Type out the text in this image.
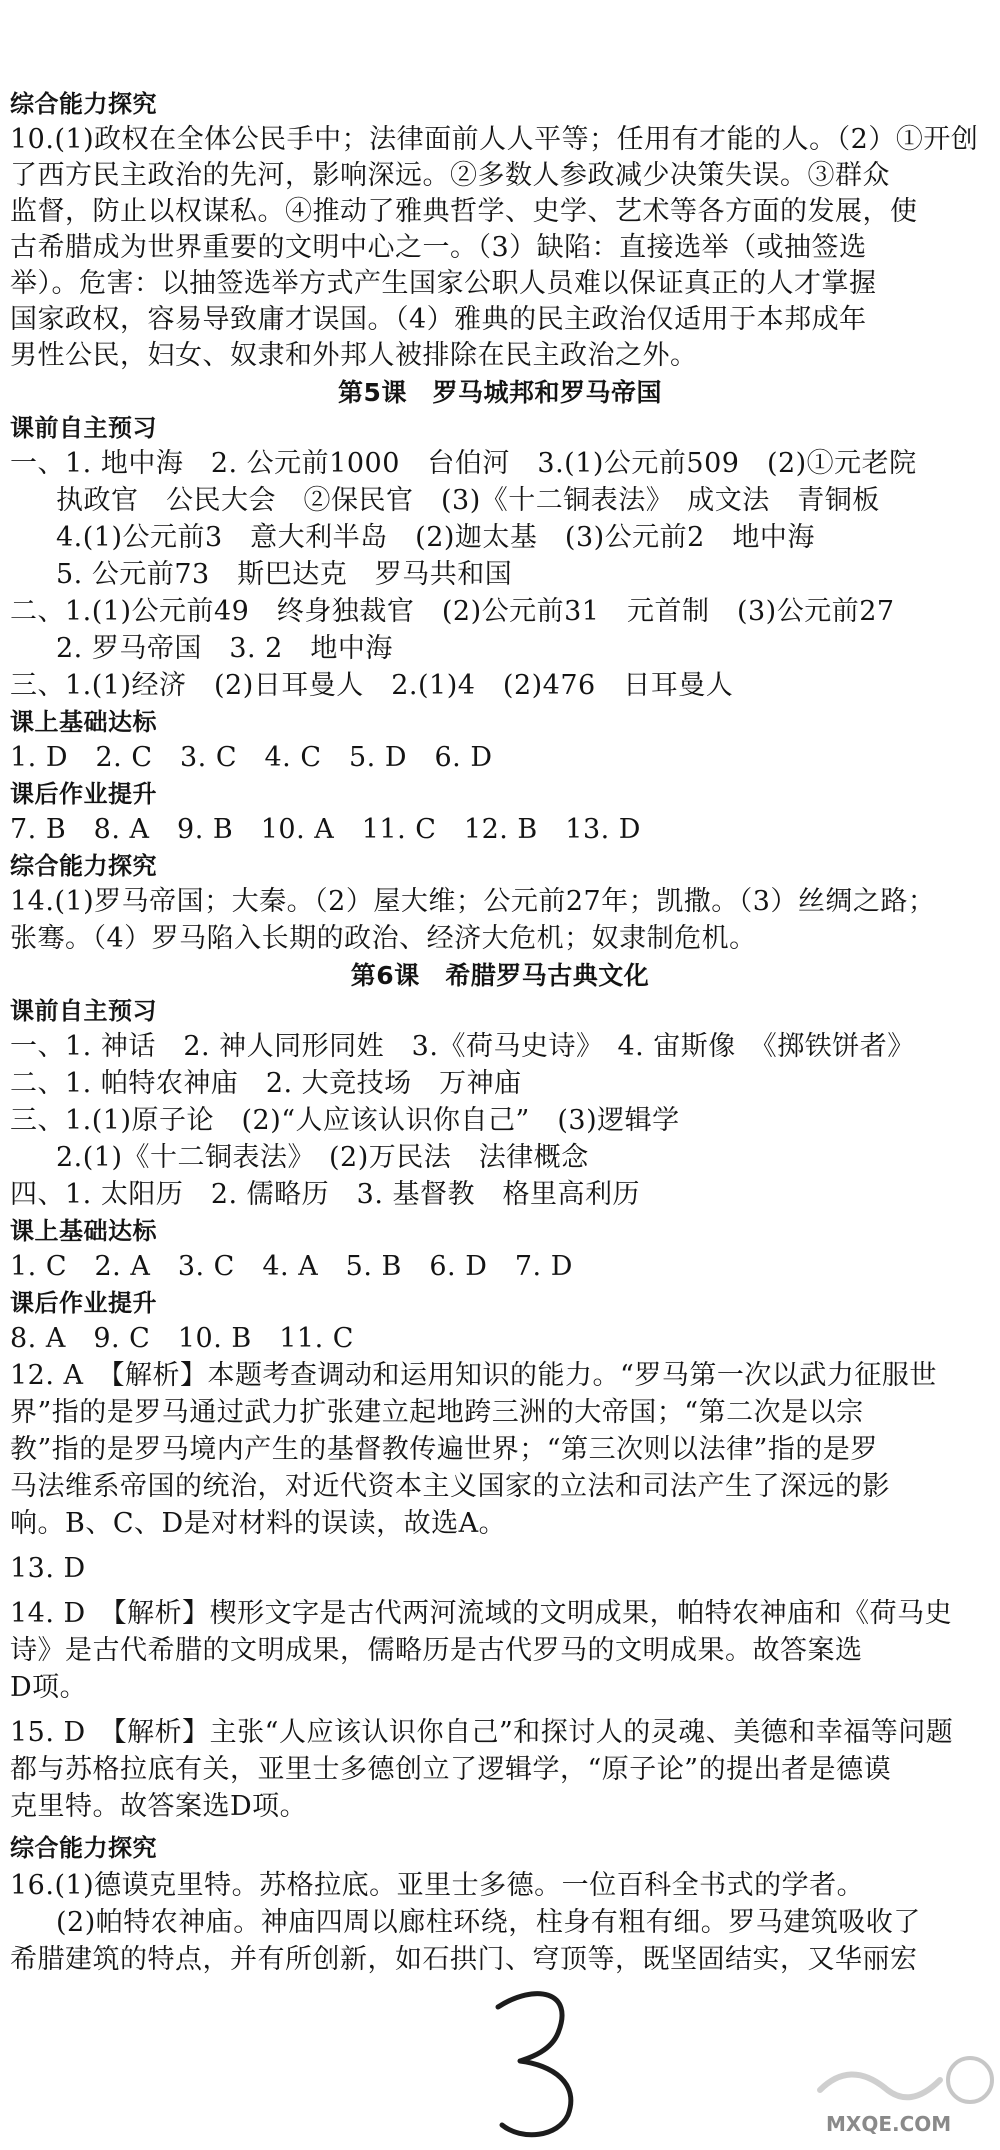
综合能力探究
10.(1)政权在全体公民手中；法律面前人人平等；任用有才能的人。（2）①开创
了西方民主政治的先河，影响深远。②多数人参政减少决策失误。③群众
监督，防止以权谋私。④推动了雅典哲学、史学、艺术等各方面的发展，使
古希腊成为世界重要的文明中心之一。（3）缺陷：直接选举（或抽签选
举）。危害：以抽签选举方式产生国家公职人员难以保证真正的人才掌握
国家政权，容易导致庸才误国。（4）雅典的民主政治仅适用于本邦成年
男性公民，妇女、奴隶和外邦人被排除在民主政治之外。
第5课　罗马城邦和罗马帝国
课前自主预习
一、1. 地中海　2. 公元前1000　台伯河　3.(1)公元前509　(2)①元老院
执政官　公民大会　②保民官　(3)《十二铜表法》　成文法　青铜板
4.(1)公元前3　意大利半岛　(2)迦太基　(3)公元前2　地中海
5. 公元前73　斯巴达克　罗马共和国
二、1.(1)公元前49　终身独裁官　(2)公元前31　元首制　(3)公元前27
2. 罗马帝国　3. 2　地中海
三、1.(1)经济　(2)日耳曼人　2.(1)4　(2)476　日耳曼人
课上基础达标
1. D　2. C　3. C　4. C　5. D　6. D
课后作业提升
7. B　8. A　9. B　10. A　11. C　12. B　13. D
综合能力探究
14.(1)罗马帝国；大秦。（2）屋大维；公元前27年；凯撒。（3）丝绸之路；
张骞。（4）罗马陷入长期的政治、经济大危机；奴隶制危机。
第6课　希腊罗马古典文化
课前自主预习
一、1. 神话　2. 神人同形同姓　3.《荷马史诗》　4. 宙斯像　《掷铁饼者》
二、1. 帕特农神庙　2. 大竞技场　万神庙
三、1.(1)原子论　(2)“人应该认识你自己”　(3)逻辑学
2.(1)《十二铜表法》　(2)万民法　法律概念
四、1. 太阳历　2. 儒略历　3. 基督教　格里高利历
课上基础达标
1. C　2. A　3. C　4. A　5. B　6. D　7. D
课后作业提升
8. A　9. C　10. B　11. C
12. A　【解析】本题考查调动和运用知识的能力。“罗马第一次以武力征服世
界”指的是罗马通过武力扩张建立起地跨三洲的大帝国；“第二次是以宗
教”指的是罗马境内产生的基督教传遍世界；“第三次则以法律”指的是罗
马法维系帝国的统治，对近代资本主义国家的立法和司法产生了深远的影
响。B、C、D是对材料的误读，故选A。
13. D
14. D　【解析】楔形文字是古代两河流域的文明成果，帕特农神庙和《荷马史
诗》是古代希腊的文明成果，儒略历是古代罗马的文明成果。故答案选
D项。
15. D　【解析】主张“人应该认识你自己”和探讨人的灵魂、美德和幸福等问题
都与苏格拉底有关，亚里士多德创立了逻辑学，“原子论”的提出者是德谟
克里特。故答案选D项。
综合能力探究
16.(1)德谟克里特。苏格拉底。亚里士多德。一位百科全书式的学者。
(2)帕特农神庙。神庙四周以廊柱环绕，柱身有粗有细。罗马建筑吸收了
希腊建筑的特点，并有所创新，如石拱门、穹顶等，既坚固结实，又华丽宏
MXQE.COM
